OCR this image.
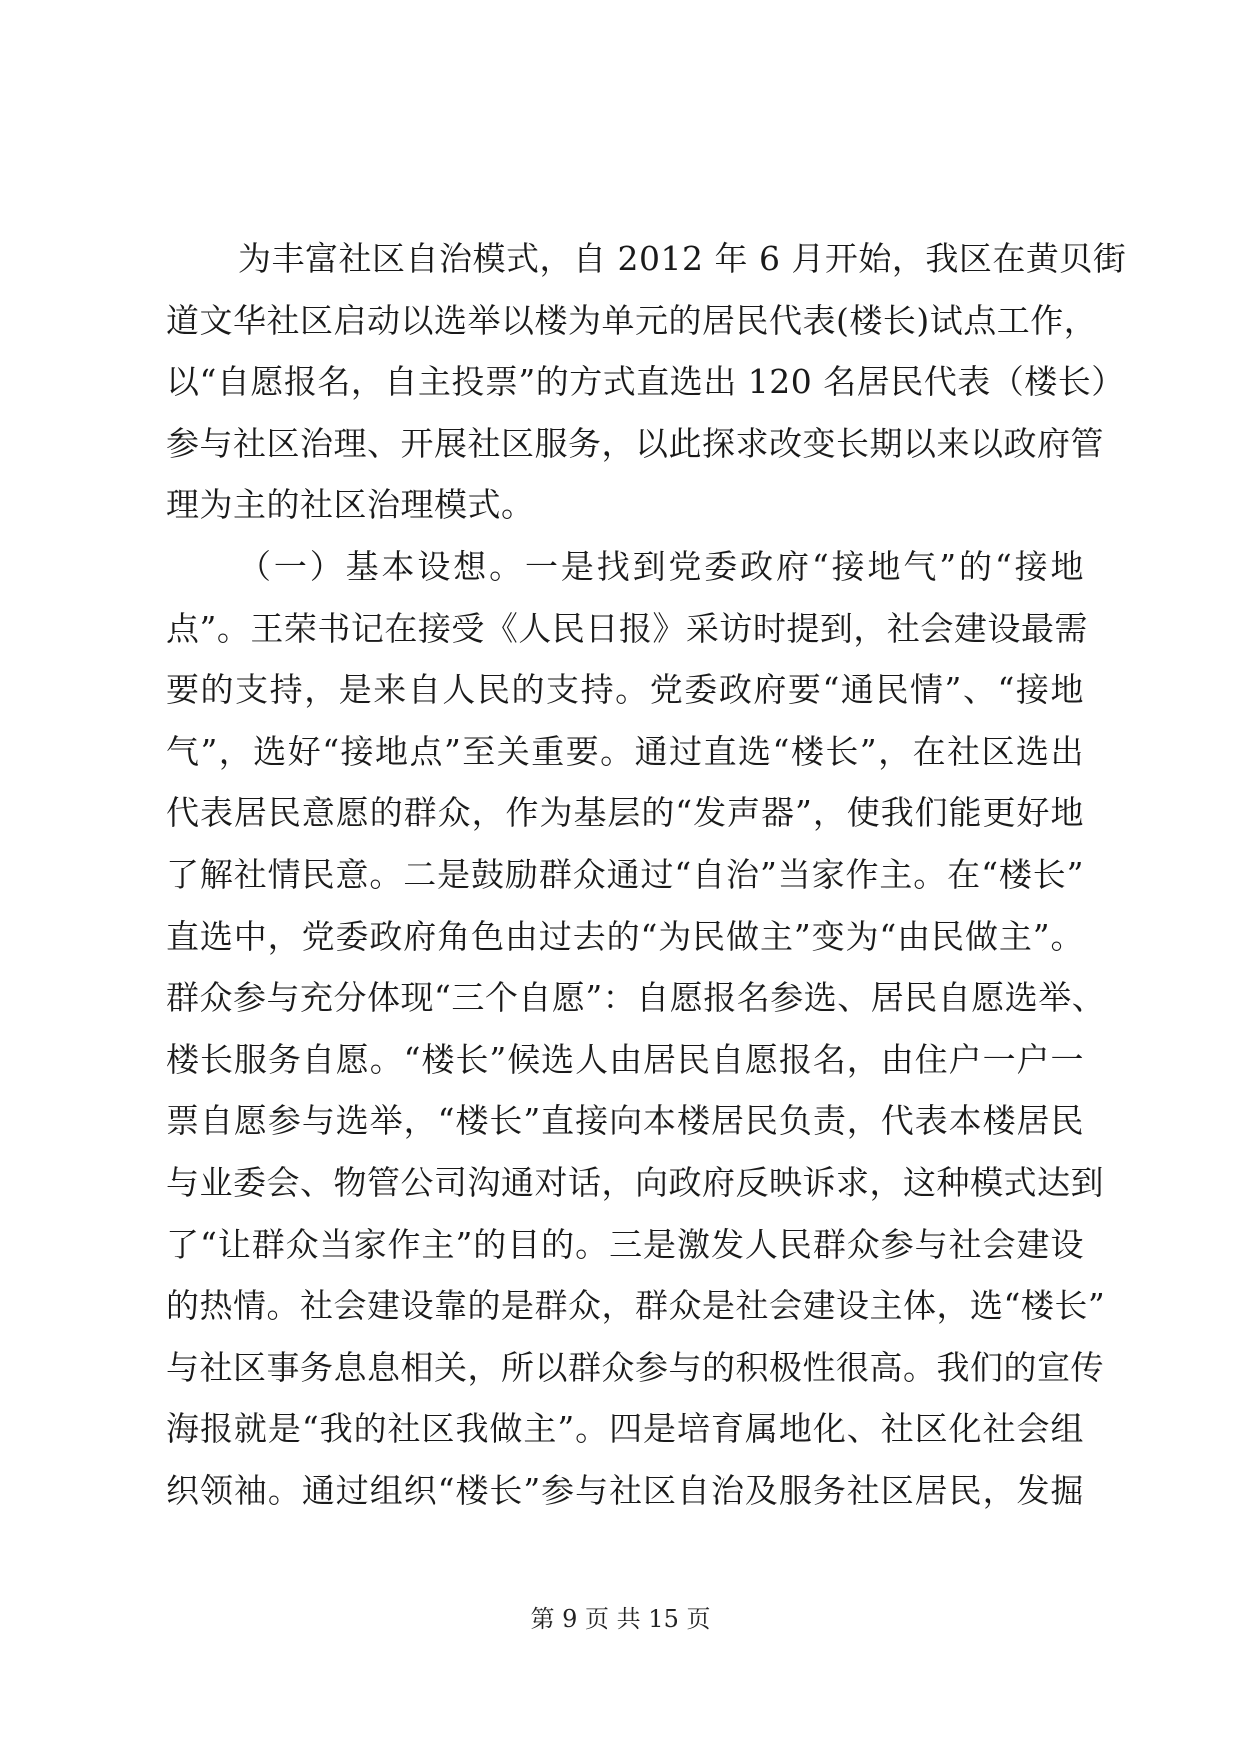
为丰富社区自治模式，自 2012 年 6 月开始，我区在黄贝街
道文华社区启动以选举以楼为单元的居民代表(楼长)试点工作，
以“自愿报名，自主投票”的方式直选出 120 名居民代表（楼长）
参与社区治理、开展社区服务，以此探求改变长期以来以政府管
理为主的社区治理模式。
（一）基本设想。一是找到党委政府“接地气”的“接地
点”。王荣书记在接受《人民日报》采访时提到，社会建设最需
要的支持，是来自人民的支持。党委政府要“通民情”、“接地
气”，选好“接地点”至关重要。通过直选“楼长”，在社区选出
代表居民意愿的群众，作为基层的“发声器”，使我们能更好地
了解社情民意。二是鼓励群众通过“自治”当家作主。在“楼长”
直选中，党委政府角色由过去的“为民做主”变为“由民做主”。
群众参与充分体现“三个自愿”：自愿报名参选、居民自愿选举、
楼长服务自愿。“楼长”候选人由居民自愿报名，由住户一户一
票自愿参与选举，“楼长”直接向本楼居民负责，代表本楼居民
与业委会、物管公司沟通对话，向政府反映诉求，这种模式达到
了“让群众当家作主”的目的。三是激发人民群众参与社会建设
的热情。社会建设靠的是群众，群众是社会建设主体，选“楼长”
与社区事务息息相关，所以群众参与的积极性很高。我们的宣传
海报就是“我的社区我做主”。四是培育属地化、社区化社会组
织领袖。通过组织“楼长”参与社区自治及服务社区居民，发掘
第 9 页 共 15 页
